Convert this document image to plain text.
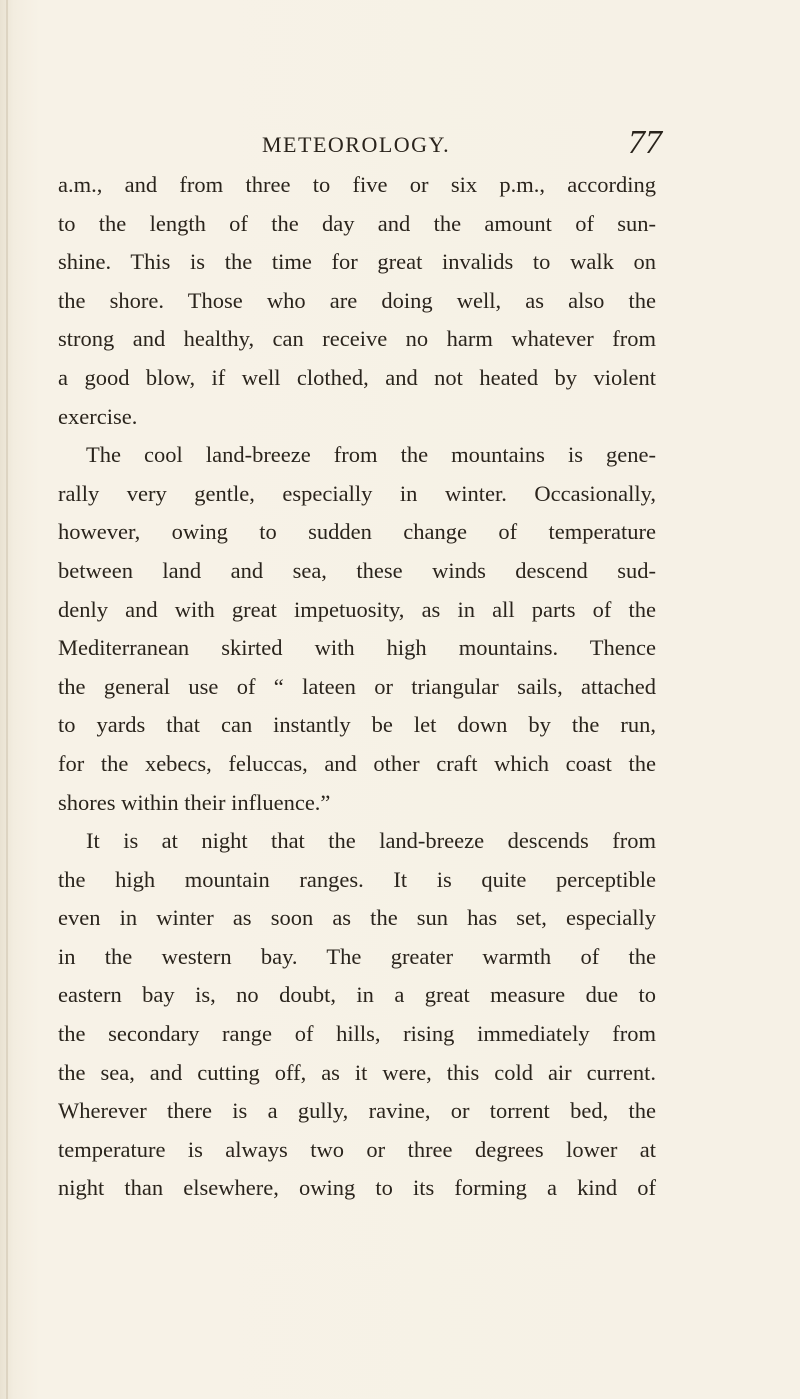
METEOROLOGY.	77
a.m., and from three to five or six p.m., according
to the length of the day and the amount of sun-
shine. This is the time for great invalids to walk on
the shore. Those who are doing well, as also the
strong and healthy, can receive no harm whatever from
a good blow, if well clothed, and not heated by violent
exercise.
The cool land-breeze from the mountains is gene-
rally very gentle, especially in winter. Occasionally,
however, owing to sudden change of temperature
between land and sea, these winds descend sud-
denly and with great impetuosity, as in all parts of the
Mediterranean skirted with high mountains. Thence
the general use of “ lateen or triangular sails, attached
to yards that can instantly be let down by the run,
for the xebecs, feluccas, and other craft which coast the
shores within their influence.”
It is at night that the land-breeze descends from
the high mountain ranges. It is quite perceptible
even in winter as soon as the sun has set, especially
in the western bay. The greater warmth of the
eastern bay is, no doubt, in a great measure due to
the secondary range of hills, rising immediately from
the sea, and cutting off, as it were, this cold air current.
Wherever there is a gully, ravine, or torrent bed, the
temperature is always two or three degrees lower at
night than elsewhere, owing to its forming a kind of
